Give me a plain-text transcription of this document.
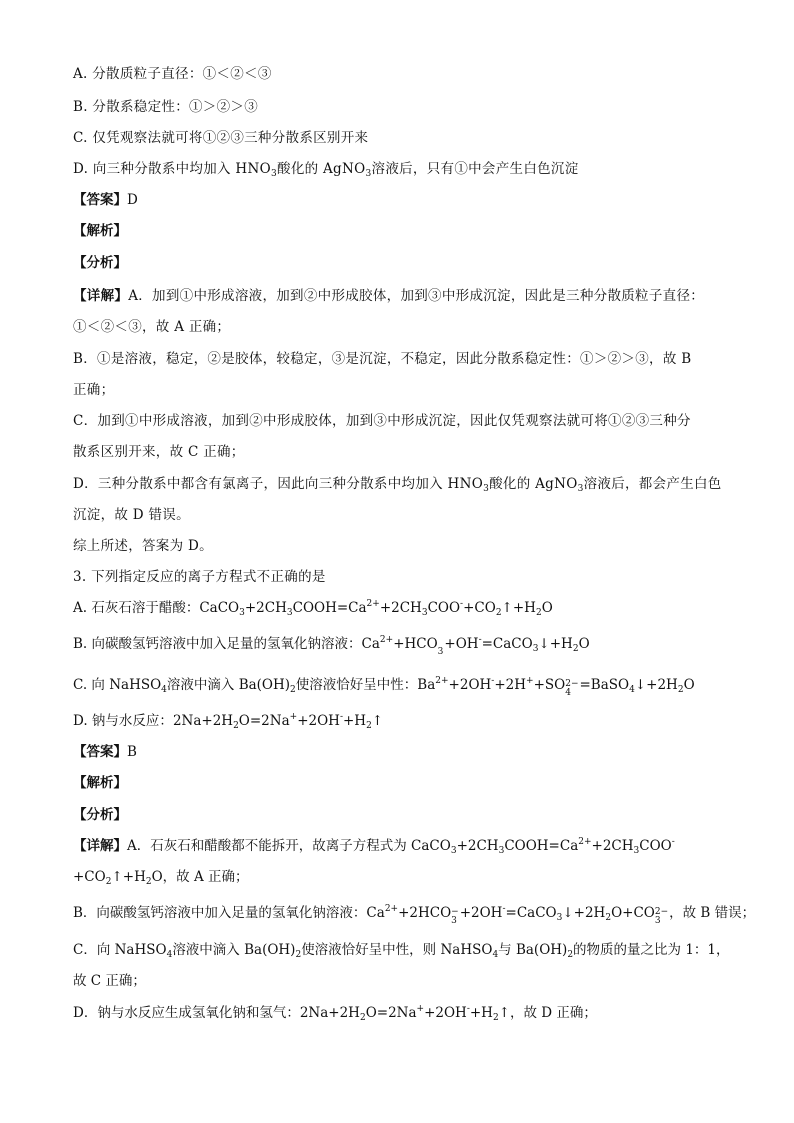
A. 分散质粒子直径：①＜②＜③
B. 分散系稳定性：①＞②＞③
C. 仅凭观察法就可将①②③三种分散系区别开来
D. 向三种分散系中均加入 $HNO_3$酸化的 AgNO$_3$溶液后，只有①中会产生白色沉淀
【答案】D
【解析】
【分析】
【详解】A．加到①中形成溶液，加到②中形成胶体，加到③中形成沉淀，因此是三种分散质粒子直径：
①＜②＜③，故 A 正确；
B．①是溶液，稳定，②是胶体，较稳定，③是沉淀，不稳定，因此分散系稳定性：①＞②＞③，故 B
正确；
C．加到①中形成溶液，加到②中形成胶体，加到③中形成沉淀，因此仅凭观察法就可将①②③三种分
散系区别开来，故 C 正确；
D．三种分散系中都含有氯离子，因此向三种分散系中均加入 $HNO_3$酸化的 AgNO$_3$溶液后，都会产生白色
沉淀，故 D 错误。
综上所述，答案为 D。
3. 下列指定反应的离子方程式不正确的是
A. 石灰石溶于醋酸：$CaCO_3+2CH_3COOH=Ca^{2+}+2CH_3COO^-+CO_2↑+H_2O$
B. 向碳酸氢钙溶液中加入足量的氢氧化钠溶液：$Ca^{2+}+HCO$
$3 +OH^-=CaCO_3↓+H_2O$
C. 向 NaHSO$_4$溶液中滴入 $Ba(OH)_2$使溶液恰好呈中性：$Ba^{2+}+2OH^-+2H^++SO$ 2−
$4 =BaSO_4↓+2H_2O$
D. 钠与水反应：$2Na+2H_2O=2Na^++2OH^-+H_2↑$
【答案】B
【解析】
【分析】
【详解】A．石灰石和醋酸都不能拆开，故离子方程式为 $CaCO_3+2CH_3COOH=Ca^{2+}+2CH_3COO^-$
$+CO_2↑+H_2O$，故 A 正确；
B．向碳酸氢钙溶液中加入足量的氢氧化钠溶液：$Ca^{2+}+2HCO$ −
$3 +2OH^-=CaCO_3↓+2H_2O+CO$ 2−
3 ，故 B 错误；
C．向 NaHSO$_4$溶液中滴入 $Ba(OH)_2$使溶液恰好呈中性，则 NaHSO$_4$与 $Ba(OH)_2$的物质的量之比为 1：1，
故 C 正确；
D．钠与水反应生成氢氧化钠和氢气：$2Na+2H_2O=2Na^++2OH^-+H_2↑$，故 D 正确；
